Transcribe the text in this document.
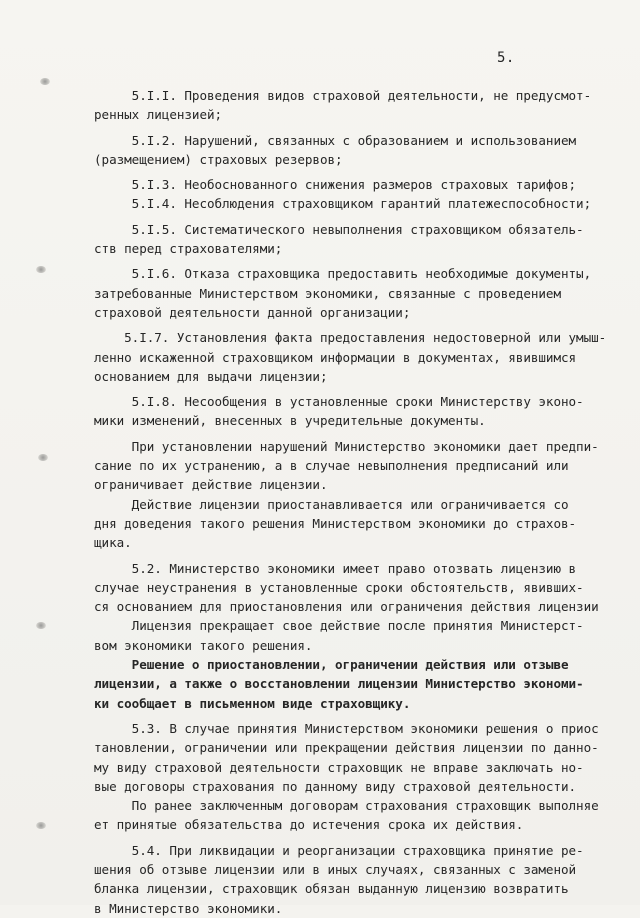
5.
5.I.I. Проведения видов страховой деятельности, не предусмот-
ренных лицензией;
5.I.2. Нарушений, связанных с образованием и использованием
(размещением) страховых резервов;
5.I.3. Необоснованного снижения размеров страховых тарифов;
5.I.4. Несоблюдения страховщиком гарантий платежеспособности;
5.I.5. Систематического невыполнения страховщиком обязатель-
ств перед страхователями;
5.I.6. Отказа страховщика предоставить необходимые документы,
затребованные Министерством экономики, связанные с проведением
страховой деятельности данной организации;
5.I.7. Установления факта предоставления недостоверной или умыш-
ленно искаженной страховщиком информации в документах, явившимся
основанием для выдачи лицензии;
5.I.8. Несообщения в установленные сроки Министерству эконо-
мики изменений, внесенных в учредительные документы.
При установлении нарушений Министерство экономики дает предпи-
сание по их устранению, а в случае невыполнения предписаний или
ограничивает действие лицензии.
Действие лицензии приостанавливается или ограничивается со
дня доведения такого решения Министерством экономики до страхов-
щика.
5.2. Министерство экономики имеет право отозвать лицензию в
случае неустранения в установленные сроки обстоятельств, явивших-
ся основанием для приостановления или ограничения действия лицензии
Лицензия прекращает свое действие после принятия Министерст-
вом экономики такого решения.
Решение о приостановлении, ограничении действия или отзыве
лицензии, а также о восстановлении лицензии Министерство экономи-
ки сообщает в письменном виде страховщику.
5.3. В случае принятия Министерством экономики решения о приос
тановлении, ограничении или прекращении действия лицензии по данно-
му виду страховой деятельности страховщик не вправе заключать но-
вые договоры страхования по данному виду страховой деятельности.
По ранее заключенным договорам страхования страховщик выполняе
ет принятые обязательства до истечения срока их действия.
5.4. При ликвидации и реорганизации страховщика принятие ре-
шения об отзыве лицензии или в иных случаях, связанных с заменой
бланка лицензии, страховщик обязан выданную лицензию возвратить
в Министерство экономики.
